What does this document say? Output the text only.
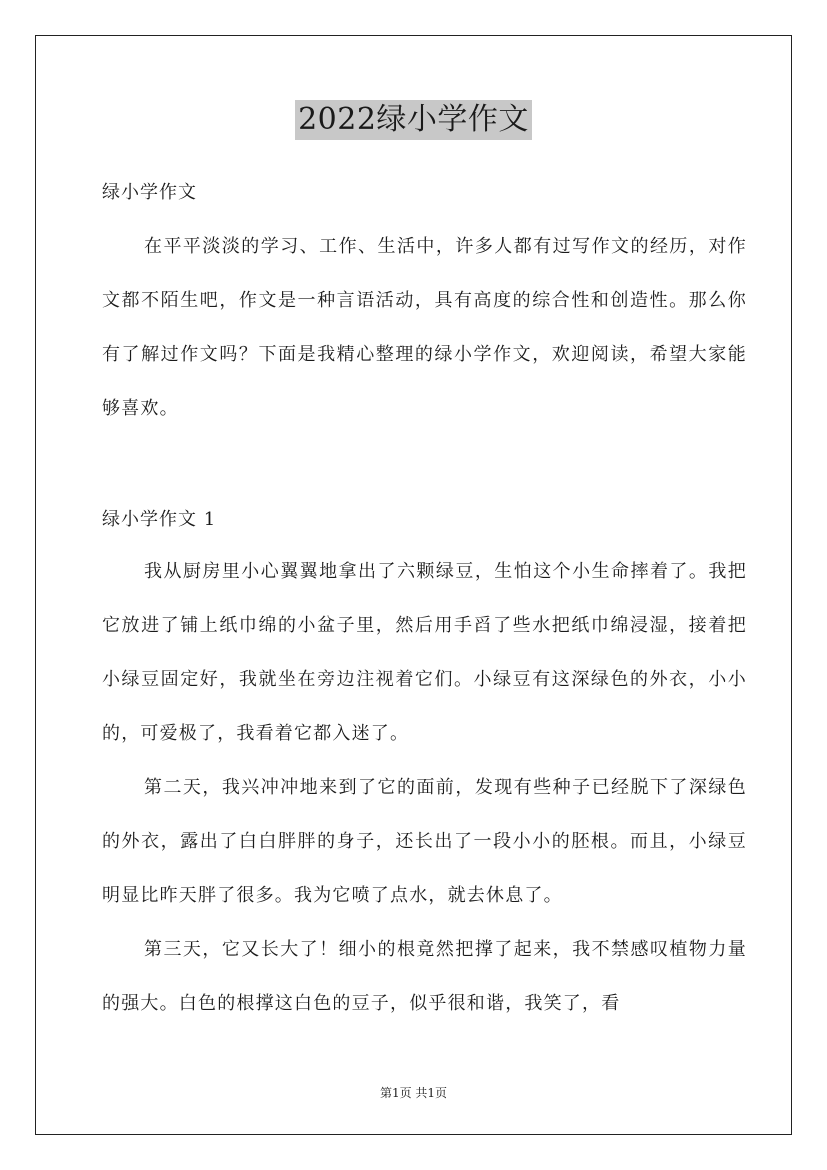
2022绿小学作文
绿小学作文

在平平淡淡的学习、工作、生活中，许多人都有过写作文的经历，对作文都不陌生吧，作文是一种言语活动，具有高度的综合性和创造性。那么你有了解过作文吗？下面是我精心整理的绿小学作文，欢迎阅读，希望大家能够喜欢。

绿小学作文 1

我从厨房里小心翼翼地拿出了六颗绿豆，生怕这个小生命摔着了。我把它放进了铺上纸巾绵的小盆子里，然后用手舀了些水把纸巾绵浸湿，接着把小绿豆固定好，我就坐在旁边注视着它们。小绿豆有这深绿色的外衣，小小的，可爱极了，我看着它都入迷了。

第二天，我兴冲冲地来到了它的面前，发现有些种子已经脱下了深绿色的外衣，露出了白白胖胖的身子，还长出了一段小小的胚根。而且，小绿豆明显比昨天胖了很多。我为它喷了点水，就去休息了。

第三天，它又长大了！细小的根竟然把撑了起来，我不禁感叹植物力量的强大。白色的根撑这白色的豆子，似乎很和谐，我笑了，看

第1页 共1页
